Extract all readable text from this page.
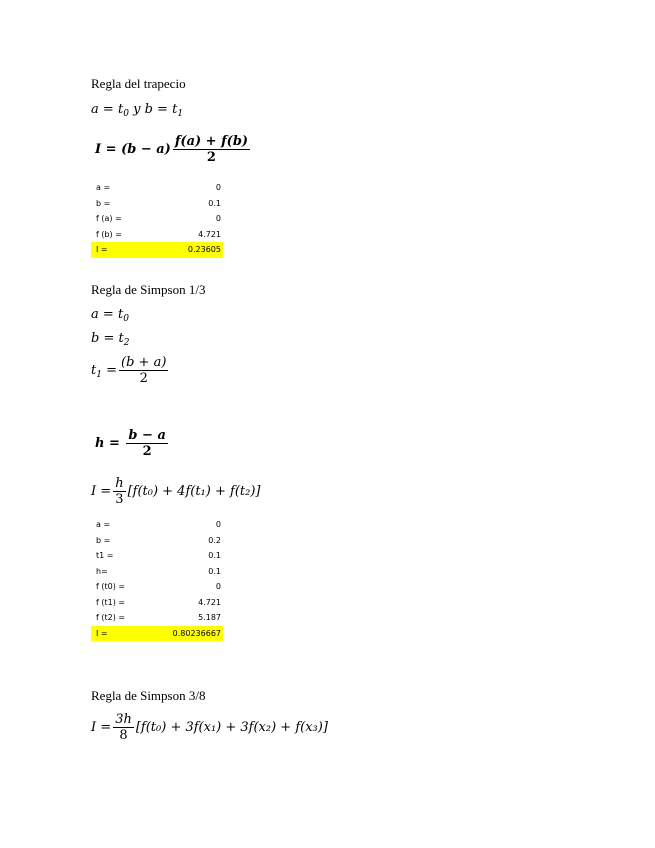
Regla del trapecio
$a = t_0$ y $b = t_1$
$I = (b - a) \frac{f(a) + f(b)}{2}$
a =	0
b =	0.1
f (a) =	0
f (b) =	4.721
I =	0.23605
Regla de Simpson 1/3
$a = t_0$
$b = t_2$
$t_1 = \frac{(b + a)}{2}$
$h = \frac{b - a}{2}$
$I = \frac{h}{3} [f(t_0) + 4f(t_1) + f(t_2)]$
a =	0
b =	0.2
t1 =	0.1
h=	0.1
f (t0) =	0
f (t1) =	4.721
f (t2) =	5.187
I =	0.80236667
Regla de Simpson 3/8
$I = \frac{3h}{8} [f(t_0) + 3f(x_1) + 3f(x_2) + f(x_3)]$
